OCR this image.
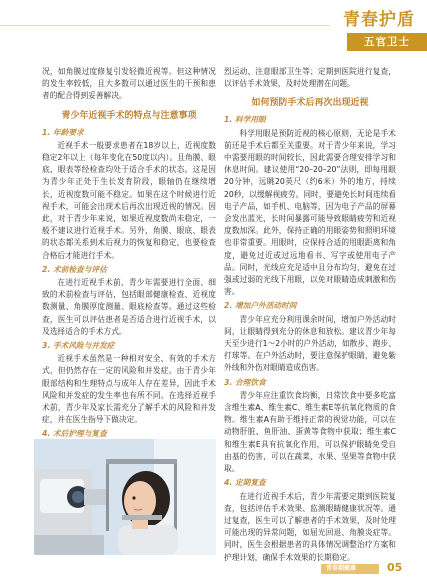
青春护盾
五官卫士

况，如角膜过度修复引发轻微近视等。但这种情况的发生率较低，且大多数可以通过医生的干预和患者的配合得到妥善解决。

青少年近视手术的特点与注意事项
1. 年龄要求

近视手术一般要求患者在18岁以上，近视度数稳定2年以上（每年变化在50度以内）。且角膜、眼底、眼表等经检查均处于适合手术的状态。这是因为青少年正处于生长发育阶段，眼轴仍在继续增长，近视度数可能不稳定。如果在这个时候进行近视手术，可能会出现术后再次出现近视的情况。因此，对于青少年来说，如果近视度数尚未稳定，一般不建议进行近视手术。另外，角膜、眼底、眼表的状态都关系到术后视力的恢复和稳定，也要检查合格后才能进行手术。

2. 术前检查与评估

在进行近视手术前，青少年需要进行全面、细致的术前检查与评估，包括眼部健康检查、近视度数测量、角膜厚度测量、眼底检查等。通过这些检查，医生可以评估患者是否适合进行近视手术，以及选择适合的手术方式。

3. 手术风险与并发症

近视手术虽然是一种相对安全、有效的手术方式，但仍然存在一定的风险和并发症。由于青少年眼部结构和生理特点与成年人存在差异，因此手术风险和并发症的发生率也有所不同。在选择近视手术前，青少年及家长需充分了解手术的风险和并发症，并在医生指导下做决定。

4. 术后护理与复查

烈运动、注意眼部卫生等；定期到医院进行复查，以评估手术效果，及时处理潜在问题。

如何预防手术后再次出现近视
1. 科学用眼

科学用眼是预防近视的核心原则，无论是手术前还是手术后都至关重要。对于青少年来说，学习中需要用眼的时间较长，因此需要合理安排学习和休息时间。建议使用“20–20–20”法则，即每用眼20分钟，远眺20英尺（约6米）外的地方，持续20秒，以缓解视疲劳。同时，要避免长时间连续看电子产品，如手机、电脑等，因为电子产品的屏幕会发出蓝光，长时间暴露可能导致眼睛疲劳和近视度数加深。此外，保持正确的用眼姿势和照明环境也非常重要。用眼时，应保持合适的用眼距离和角度，避免过近或过远地看书、写字或使用电子产品。同时，光线应充足适中且分布均匀，避免在过强或过弱的光线下用眼，以免对眼睛造成刺激和伤害。

2. 增加户外活动时间

青少年应充分利用课余时间，增加户外活动时间，让眼睛得到充分的休息和放松。建议青少年每天至少进行1～2小时的户外活动，如散步、跑步、打球等。在户外活动时，要注意保护眼睛，避免紫外线和外伤对眼睛造成伤害。

3. 合理饮食

青少年应注重饮食均衡，日常饮食中要多吃富含维生素A、维生素C、维生素E等抗氧化物质的食物。维生素A有助于维持正常的视觉功能，可以在动物肝脏、鱼肝油、蛋黄等食物中获取；维生素C和维生素E具有抗氧化作用，可以保护眼睛免受自由基的伤害，可以在蔬菜、水果、坚果等食物中获取。

4. 定期复查

在进行近视手术后，青少年需要定期到医院复查，包括评估手术效果、监测眼睛健康状况等。通过复查，医生可以了解患者的手术效果，及时处理可能出现的异常问题，如屈光回退、角膜炎症等。同时，医生会根据患者的具体情况调整治疗方案和护理计划，确保手术效果的长期稳定。

青春期健康	05
